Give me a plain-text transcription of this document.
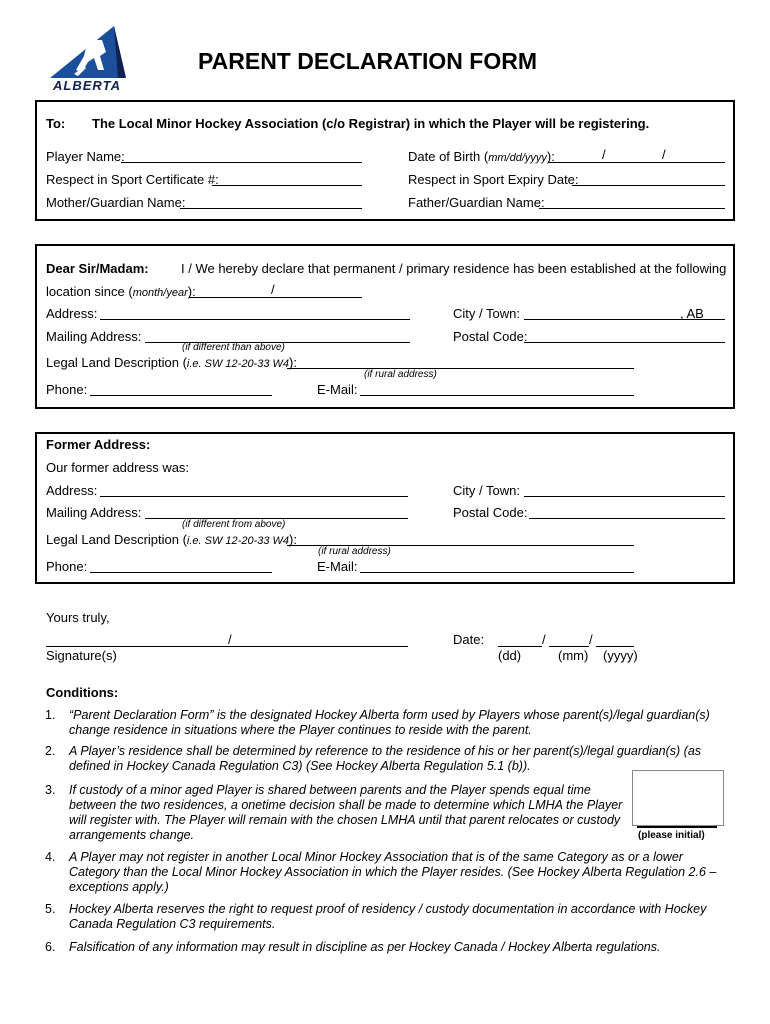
ALBERTA
PARENT DECLARATION FORM
To: The Local Minor Hockey Association (c/o Registrar) in which the Player will be registering.
Player Name:	Date of Birth (mm/dd/yyyy):	/	/
Respect in Sport Certificate #:	Respect in Sport Expiry Date:
Mother/Guardian Name:	Father/Guardian Name:
Dear Sir/Madam: I / We hereby declare that permanent / primary residence has been established at the following
location since (month/year):	/
Address:	City / Town:	, AB
Mailing Address:	Postal Code:
(if different than above)
Legal Land Description (i.e. SW 12-20-33 W4):
(if rural address)
Phone:	E-Mail:
Former Address:
Our former address was:
Address:	City / Town:
Mailing Address:	Postal Code:
(if different from above)
Legal Land Description (i.e. SW 12-20-33 W4):
(if rural address)
Phone:	E-Mail:
Yours truly,
/
Signature(s)
Date:	/	/
(dd)	(mm) (yyyy)
Conditions:
1. “Parent Declaration Form” is the designated Hockey Alberta form used by Players whose parent(s)/legal guardian(s) change residence in situations where the Player continues to reside with the parent.
2. A Player’s residence shall be determined by reference to the residence of his or her parent(s)/legal guardian(s) (as defined in Hockey Canada Regulation C3) (See Hockey Alberta Regulation 5.1 (b)).
3. If custody of a minor aged Player is shared between parents and the Player spends equal time between the two residences, a onetime decision shall be made to determine which LMHA the Player will register with. The Player will remain with the chosen LMHA until that parent relocates or custody arrangements change.
4. A Player may not register in another Local Minor Hockey Association that is of the same Category as or a lower Category than the Local Minor Hockey Association in which the Player resides. (See Hockey Alberta Regulation 2.6 – exceptions apply.)
5. Hockey Alberta reserves the right to request proof of residency / custody documentation in accordance with Hockey Canada Regulation C3 requirements.
6. Falsification of any information may result in discipline as per Hockey Canada / Hockey Alberta regulations.
(please initial)
